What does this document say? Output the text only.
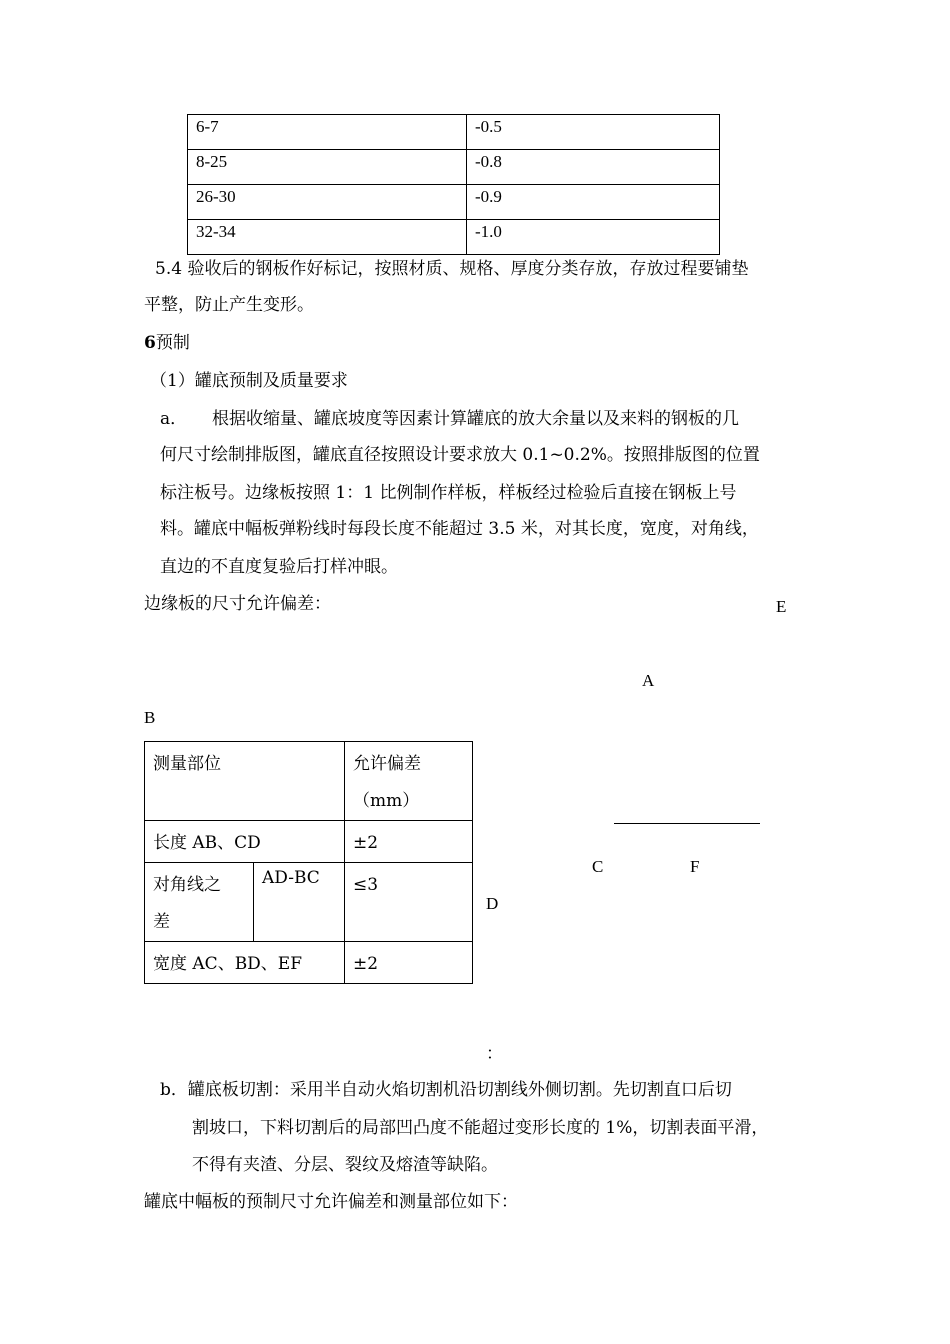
6-7	-0.5
8-25	-0.8
26-30	-0.9
32-34	-1.0
5.4 验收后的钢板作好标记，按照材质、规格、厚度分类存放，存放过程要铺垫
平整，防止产生变形。
6预制
（1）罐底预制及质量要求
a． 根据收缩量、罐底坡度等因素计算罐底的放大余量以及来料的钢板的几
何尺寸绘制排版图，罐底直径按照设计要求放大 0.1~0.2%。按照排版图的位置
标注板号。边缘板按照 1：1 比例制作样板，样板经过检验后直接在钢板上号
料。罐底中幅板弹粉线时每段长度不能超过 3.5 米，对其长度，宽度，对角线，
直边的不直度复验后打样冲眼。
边缘板的尺寸允许偏差：	E
A
B
C	F
D
测量部位		允许偏差
（mm）

长度 AB、CD		±2

对角线之
差	AD-BC	≤3
宽度 AC、BD、EF		±2
：
b．罐底板切割：采用半自动火焰切割机沿切割线外侧切割。先切割直口后切
割坡口，下料切割后的局部凹凸度不能超过变形长度的 1%，切割表面平滑，
不得有夹渣、分层、裂纹及熔渣等缺陷。
罐底中幅板的预制尺寸允许偏差和测量部位如下：
